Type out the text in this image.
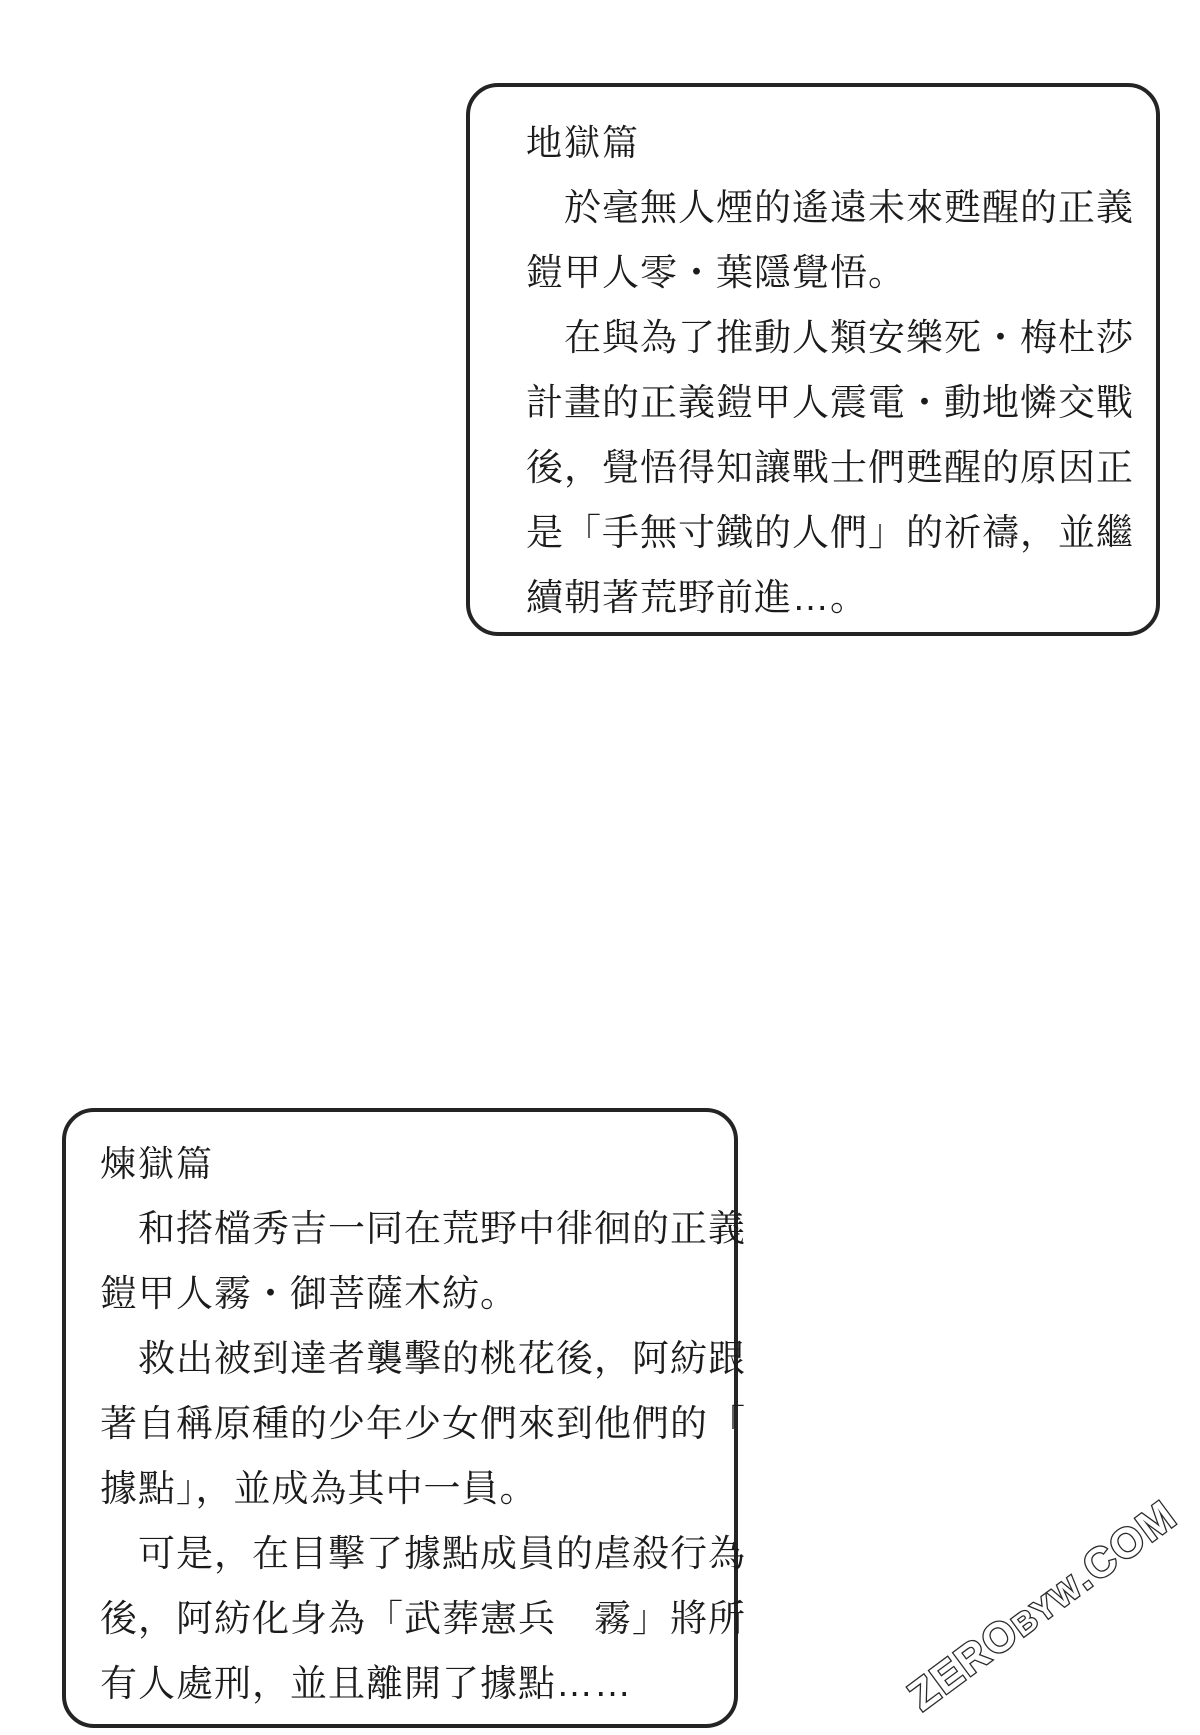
地獄篇
於毫無人煙的遙遠未來甦醒的正義
鎧甲人零・葉隱覺悟。
在與為了推動人類安樂死・梅杜莎
計畫的正義鎧甲人震電・動地憐交戰
後，覺悟得知讓戰士們甦醒的原因正
是「手無寸鐵的人們」的祈禱，並繼
續朝著荒野前進…。
煉獄篇
和搭檔秀吉一同在荒野中徘徊的正義
鎧甲人霧・御菩薩木紡。
救出被到達者襲擊的桃花後，阿紡跟
著自稱原種的少年少女們來到他們的「
據點」，並成為其中一員。
可是，在目擊了據點成員的虐殺行為
後，阿紡化身為「武葬憲兵　霧」將所
有人處刑，並且離開了據點……	ZEROBYW.COM
